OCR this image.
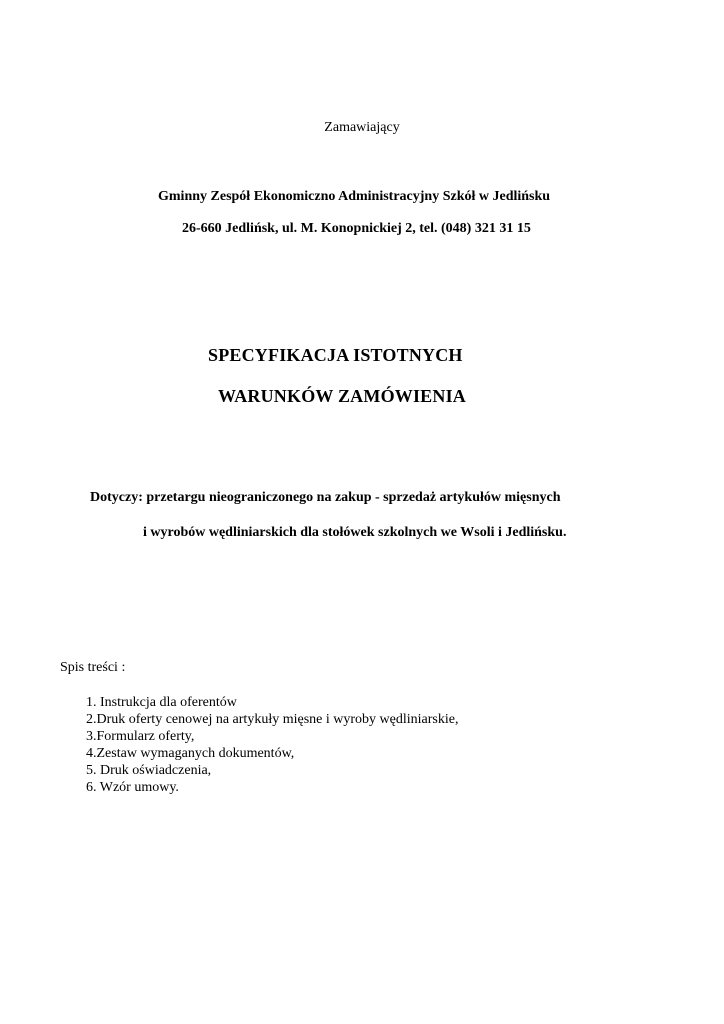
Zamawiający

Gminny Zespół Ekonomiczno Administracyjny Szkół w Jedlińsku

26-660 Jedlińsk, ul. M. Konopnickiej 2, tel. (048) 321 31 15

SPECYFIKACJA ISTOTNYCH
WARUNKÓW ZAMÓWIENIA

Dotyczy: przetargu nieograniczonego na zakup - sprzedaż artykułów mięsnych

i wyrobów wędliniarskich dla stołówek szkolnych we Wsoli i Jedlińsku.

Spis treści :

1. Instrukcja dla oferentów
2.Druk oferty cenowej na artykuły mięsne i wyroby wędliniarskie,
3.Formularz oferty,
4.Zestaw wymaganych dokumentów,
5. Druk oświadczenia,
6. Wzór umowy.
